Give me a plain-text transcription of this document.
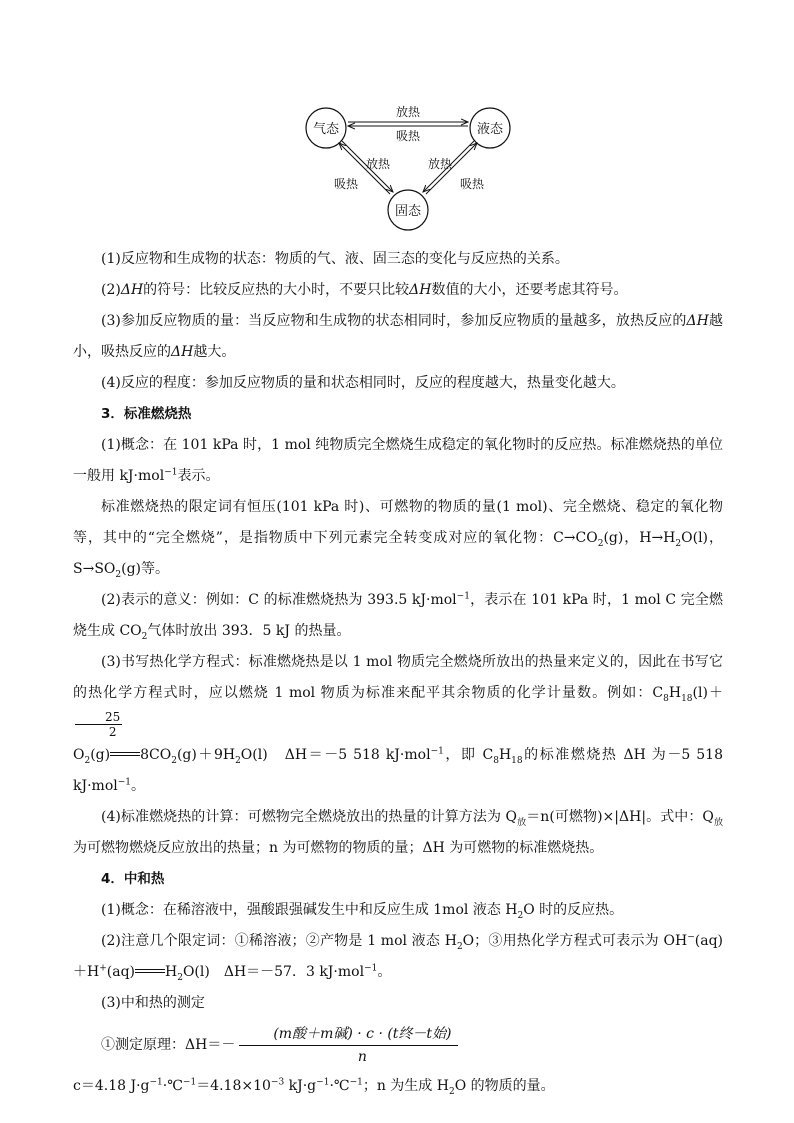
气态	液态
固态
放热
吸热
放热
吸热
放热
吸热

(1)反应物和生成物的状态：物质的气、液、固三态的变化与反应热的关系。

(2)ΔH的符号：比较反应热的大小时，不要只比较ΔH数值的大小，还要考虑其符号。

(3)参加反应物质的量：当反应物和生成物的状态相同时，参加反应物质的量越多，放热反应的ΔH越小，吸热反应的ΔH越大。

(4)反应的程度：参加反应物质的量和状态相同时，反应的程度越大，热量变化越大。

3．标准燃烧热

(1)概念：在 101 kPa 时，1 mol 纯物质完全燃烧生成稳定的氧化物时的反应热。标准燃烧热的单位一般用 kJ·mol$^{-1}$表示。

标准燃烧热的限定词有恒压(101 kPa 时)、可燃物的物质的量(1 mol)、完全燃烧、稳定的氧化物等，其中的“完全燃烧”，是指物质中下列元素完全转变成对应的氧化物：$C\to CO_2(g)$，$H\to H_2O(l)$，$S\to SO_2(g)$等。

(2)表示的意义：例如：C 的标准燃烧热为 393.5 kJ·mol$^{-1}$，表示在 101 kPa 时，1 mol C 完全燃烧生成 $CO_2$气体时放出 393．5 kJ 的热量。

(3)书写热化学方程式：标准燃烧热是以 1 mol 物质完全燃烧所放出的热量来定义的，因此在书写它的热化学方程式时，应以燃烧 1 mol 物质为标准来配平其余物质的化学计量数。例如：$C_8H_{18}(l)+$
$\frac{25}{2}$

$O_2(g)$ $8CO_2(g)+9H_2O(l)$　ΔH＝－5 518 kJ·mol$^{-1}$，即 $C_8H_{18}$的标准燃烧热 ΔH 为－5 518 kJ·mol$^{-1}$。

(4)标准燃烧热的计算：可燃物完全燃烧放出的热量的计算方法为 $Q_放=n$(可燃物)×|ΔH|。式中：$Q_放$为可燃物燃烧反应放出的热量；n 为可燃物的物质的量；ΔH 为可燃物的标准燃烧热。

4．中和热

(1)概念：在稀溶液中，强酸跟强碱发生中和反应生成 1mol 液态 $H_2O$ 时的反应热。

(2)注意几个限定词：①稀溶液；②产物是 1 mol 液态 $H_2O$；③用热化学方程式可表示为 OH−(aq)＋H+(aq) $H_2O(l)$　ΔH＝－57．3 kJ·mol$^{-1}$。

(3)中和热的测定

①测定原理：$\Delta H=- \frac{\text{(m酸＋m碱) · c · (t终－t始)}}{n}$

c＝4.18 $J\cdot g^{-1}\cdot℃^{-1}=4.18\times 10^{-3}$ $kJ\cdot g^{-1}\cdot℃^{-1}$；n 为生成 $H_2O$ 的物质的量。
